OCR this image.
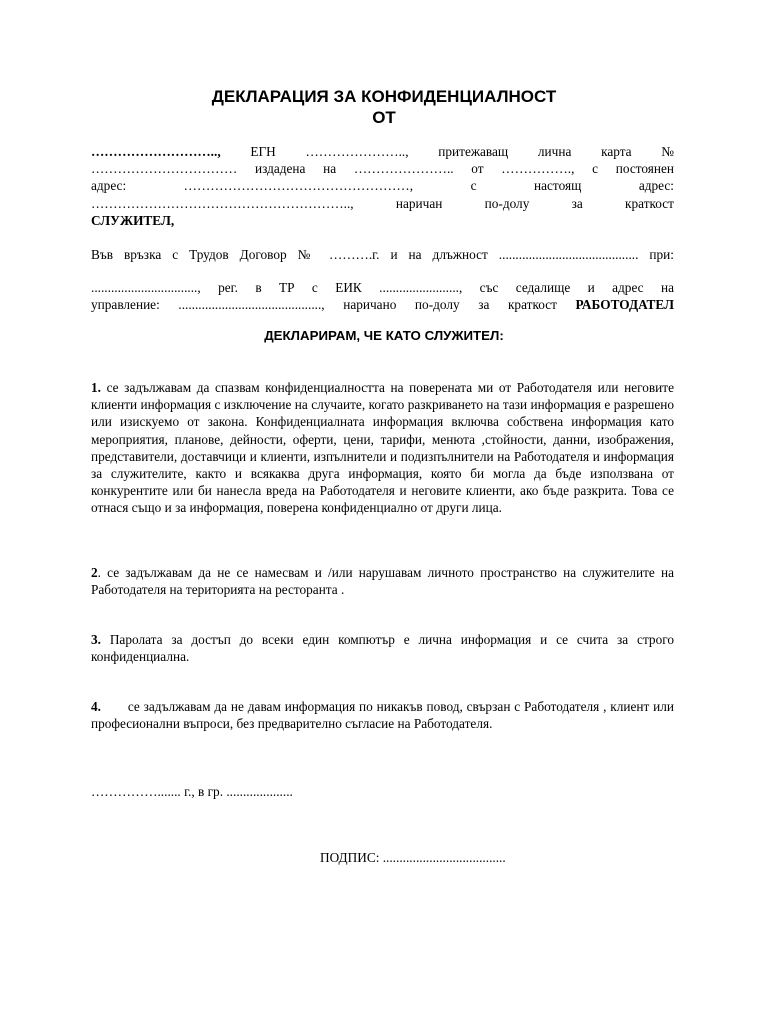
ДЕКЛАРАЦИЯ ЗА КОНФИДЕНЦИАЛНОСТ
ОТ
……………………….., ЕГН ………………….., притежаващ лична карта №
…………………………… издадена на ………………….. от ……………., с постоянен
адрес: ……………………………………………, с настоящ адрес:
………………………………………………….., наричан по-долу за краткост
СЛУЖИТЕЛ,
Във връзка с Трудов Договор № ……….г. и на длъжност .......................................... при:
................................, рег. в ТР с ЕИК ........................, със седалище и адрес на
управление: ..........................................., наричано по-долу за краткост РАБОТОДАТЕЛ
ДЕКЛАРИРАМ, ЧЕ КАТО СЛУЖИТЕЛ:

1. се задължавам да спазвам конфиденциалността на поверената ми от Работодателя или неговите клиенти информация с изключение на случаите, когато разкриването на тази информация е разрешено или изискуемо от закона. Конфиденциалната информация включва собствена информация като мероприятия, планове, дейности, оферти, цени, тарифи, менюта ,стойности, данни, изображения, представители, доставчици и клиенти, изпълнители и подизпълнители на Работодателя и информация за служителите, както и всякаква друга информация, която би могла да бъде използвана от конкурентите или би нанесла вреда на Работодателя и неговите клиенти, ако бъде разкрита. Това се отнася също и за информация, поверена конфиденциално от други лица.

2. се задължавам да не се намесвам и /или нарушавам личното пространство на служителите на Работодателя на територията на ресторанта .

3. Паролата за достъп до всеки един компютър е лична информация и се счита за строго конфиденциална.

4.       се задължавам да не давам информация по никакъв повод, свързан с Работодателя , клиент или професионални въпроси, без предварително съгласие на Работодателя.

……………....... г., в гр. ....................
ПОДПИС: .....................................
